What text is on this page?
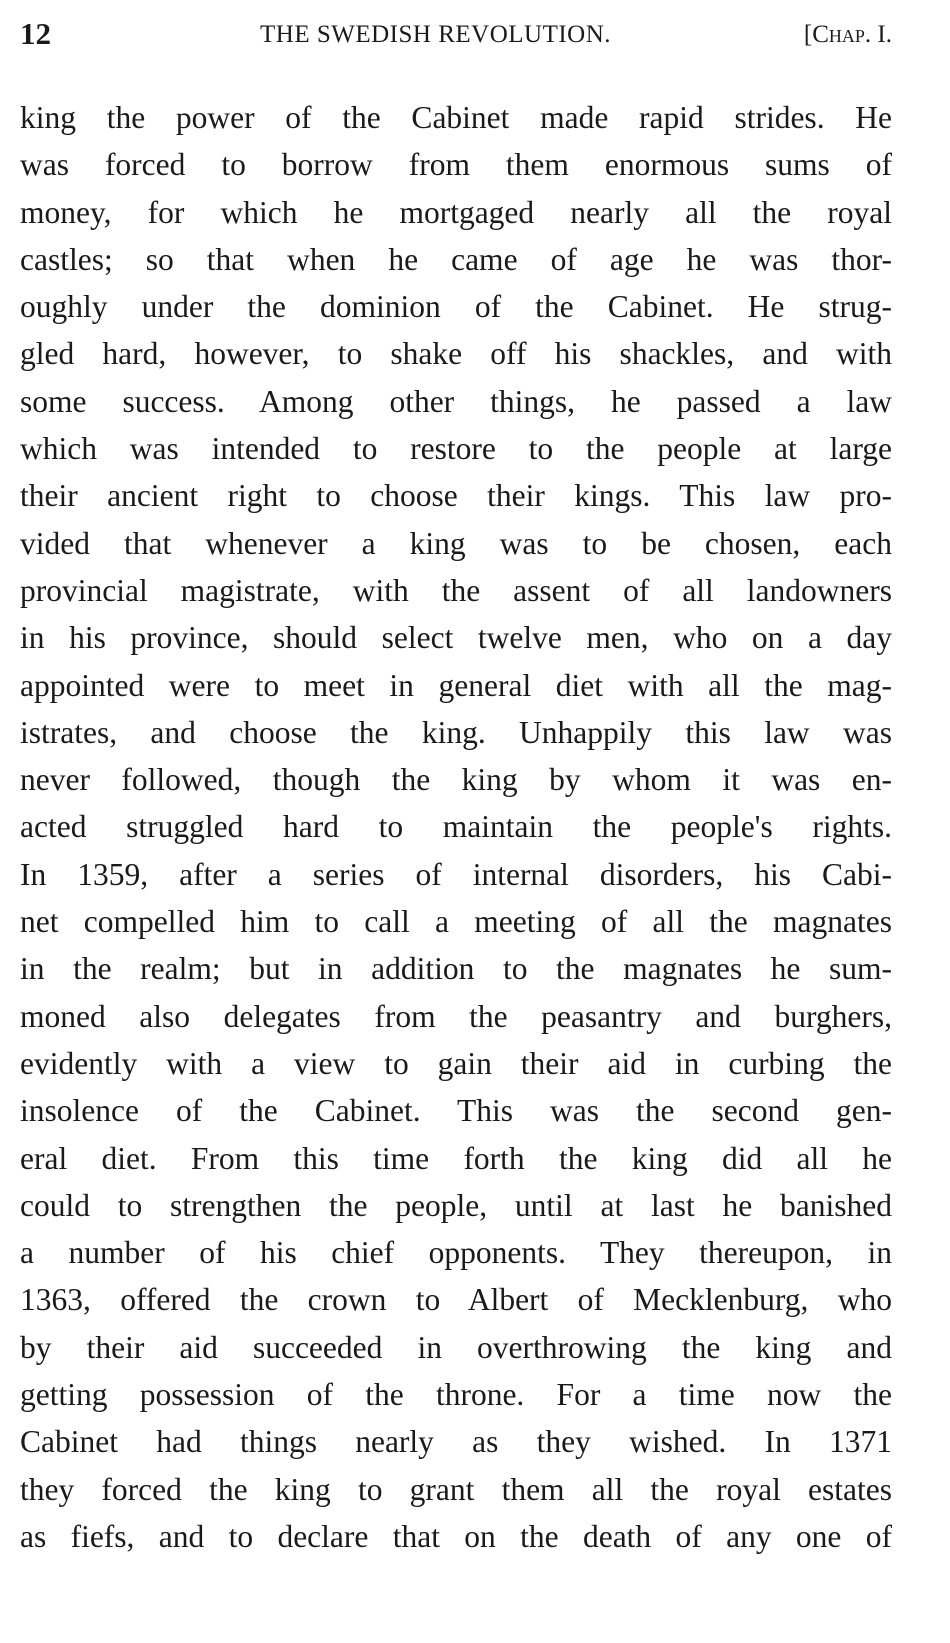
12	THE SWEDISH REVOLUTION.	[Chap. I.
king the power of the Cabinet made rapid strides. He
was forced to borrow from them enormous sums of
money, for which he mortgaged nearly all the royal
castles; so that when he came of age he was thor-
oughly under the dominion of the Cabinet. He strug-
gled hard, however, to shake off his shackles, and with
some success. Among other things, he passed a law
which was intended to restore to the people at large
their ancient right to choose their kings. This law pro-
vided that whenever a king was to be chosen, each
provincial magistrate, with the assent of all landowners
in his province, should select twelve men, who on a day
appointed were to meet in general diet with all the mag-
istrates, and choose the king. Unhappily this law was
never followed, though the king by whom it was en-
acted struggled hard to maintain the people's rights.
In 1359, after a series of internal disorders, his Cabi-
net compelled him to call a meeting of all the magnates
in the realm; but in addition to the magnates he sum-
moned also delegates from the peasantry and burghers,
evidently with a view to gain their aid in curbing the
insolence of the Cabinet. This was the second gen-
eral diet. From this time forth the king did all he
could to strengthen the people, until at last he banished
a number of his chief opponents. They thereupon, in
1363, offered the crown to Albert of Mecklenburg, who
by their aid succeeded in overthrowing the king and
getting possession of the throne. For a time now the
Cabinet had things nearly as they wished. In 1371
they forced the king to grant them all the royal estates
as fiefs, and to declare that on the death of any one of
